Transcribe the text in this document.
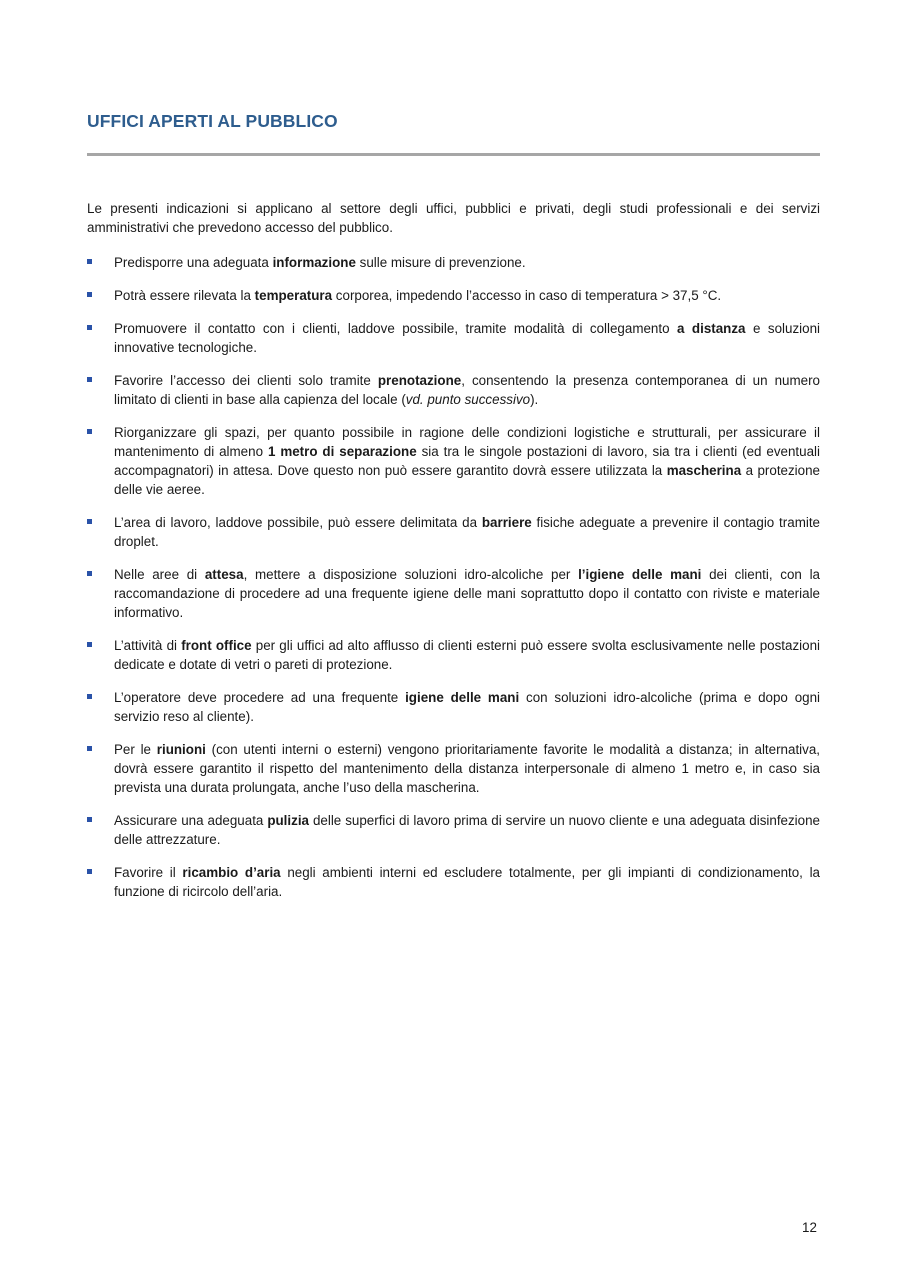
UFFICI APERTI AL PUBBLICO

Le presenti indicazioni si applicano al settore degli uffici, pubblici e privati, degli studi professionali e dei servizi amministrativi che prevedono accesso del pubblico.

Predisporre una adeguata informazione sulle misure di prevenzione.
Potrà essere rilevata la temperatura corporea, impedendo l’accesso in caso di temperatura > 37,5 °C.
Promuovere il contatto con i clienti, laddove possibile, tramite modalità di collegamento a distanza e soluzioni innovative tecnologiche.
Favorire l’accesso dei clienti solo tramite prenotazione, consentendo la presenza contemporanea di un numero limitato di clienti in base alla capienza del locale (vd. punto successivo).
Riorganizzare gli spazi, per quanto possibile in ragione delle condizioni logistiche e strutturali, per assicurare il mantenimento di almeno 1 metro di separazione sia tra le singole postazioni di lavoro, sia tra i clienti (ed eventuali accompagnatori) in attesa. Dove questo non può essere garantito dovrà essere utilizzata la mascherina a protezione delle vie aeree.
L’area di lavoro, laddove possibile, può essere delimitata da barriere fisiche adeguate a prevenire il contagio tramite droplet.
Nelle aree di attesa, mettere a disposizione soluzioni idro-alcoliche per l’igiene delle mani dei clienti, con la raccomandazione di procedere ad una frequente igiene delle mani soprattutto dopo il contatto con riviste e materiale informativo.
L’attività di front office per gli uffici ad alto afflusso di clienti esterni può essere svolta esclusivamente nelle postazioni dedicate e dotate di vetri o pareti di protezione.
L’operatore deve procedere ad una frequente igiene delle mani con soluzioni idro-alcoliche (prima e dopo ogni servizio reso al cliente).
Per le riunioni (con utenti interni o esterni) vengono prioritariamente favorite le modalità a distanza; in alternativa, dovrà essere garantito il rispetto del mantenimento della distanza interpersonale di almeno 1 metro e, in caso sia prevista una durata prolungata, anche l’uso della mascherina.
Assicurare una adeguata pulizia delle superfici di lavoro prima di servire un nuovo cliente e una adeguata disinfezione delle attrezzature.
Favorire il ricambio d’aria negli ambienti interni ed escludere totalmente, per gli impianti di condizionamento, la funzione di ricircolo dell’aria.
12
